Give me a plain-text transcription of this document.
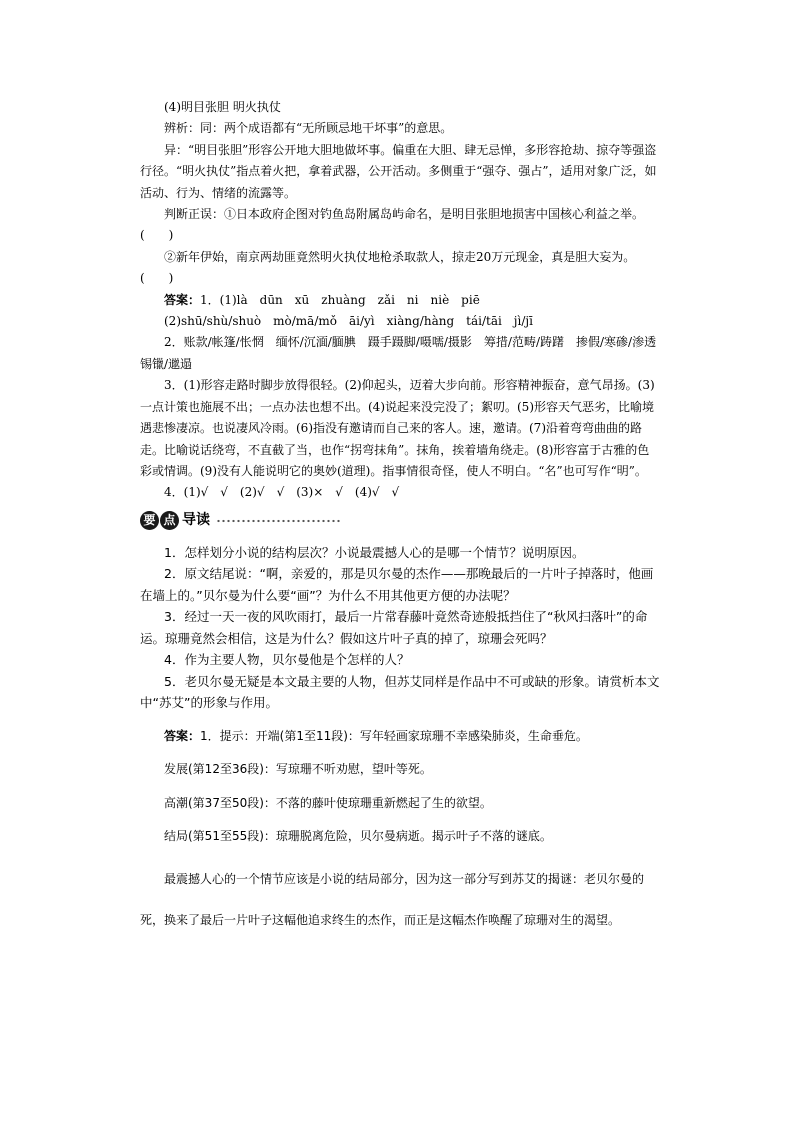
(4)明目张胆 明火执仗

辨析：同：两个成语都有“无所顾忌地干坏事”的意思。

异：“明目张胆”形容公开地大胆地做坏事。偏重在大胆、肆无忌惮，多形容抢劫、掠夺等强盗行径。“明火执仗”指点着火把，拿着武器，公开活动。多侧重于“强夺、强占”，适用对象广泛，如活动、行为、情绪的流露等。

判断正误：①日本政府企图对钓鱼岛附属岛屿命名，是明目张胆地损害中国核心利益之举。(　　)

②新年伊始，南京两劫匪竟然明火执仗地枪杀取款人，掠走20万元现金，真是胆大妄为。(　　)

答案：1．(1)là　dūn　xū　zhuàng　zǎi　ni　niè　piē

(2)shū/shù/shuò　mò/mā/mǒ　āi/yì　xiàng/hàng　tái/tāi　jì/jī

2．账款/帐篷/怅惘　缅怀/沉湎/腼腆　蹑手蹑脚/嗫嚅/摄影　筹措/范畴/踌躇　掺假/寒碜/渗透　锡镴/邋遢

3．(1)形容走路时脚步放得很轻。(2)仰起头，迈着大步向前。形容精神振奋，意气昂扬。(3)一点计策也施展不出；一点办法也想不出。(4)说起来没完没了；絮叨。(5)形容天气恶劣，比喻境遇悲惨凄凉。也说凄风冷雨。(6)指没有邀请而自己来的客人。速，邀请。(7)沿着弯弯曲曲的路走。比喻说话绕弯，不直截了当，也作“拐弯抹角”。抹角，挨着墙角绕走。(8)形容富于古雅的色彩或情调。(9)没有人能说明它的奥妙(道理)。指事情很奇怪，使人不明白。“名”也可写作“明”。

4．(1)√　√　(2)√　√　(3)×　√　(4)√　√

要 点 导读

1．怎样划分小说的结构层次？小说最震撼人心的是哪一个情节？说明原因。

2．原文结尾说：“啊，亲爱的，那是贝尔曼的杰作——那晚最后的一片叶子掉落时，他画在墙上的。”贝尔曼为什么要“画”？为什么不用其他更方便的办法呢？

3．经过一天一夜的风吹雨打，最后一片常春藤叶竟然奇迹般抵挡住了“秋风扫落叶”的命运。琼珊竟然会相信，这是为什么？假如这片叶子真的掉了，琼珊会死吗？

4．作为主要人物，贝尔曼他是个怎样的人？

5．老贝尔曼无疑是本文最主要的人物，但苏艾同样是作品中不可或缺的形象。请赏析本文中“苏艾”的形象与作用。

答案：1．提示：开端(第1至11段)：写年轻画家琼珊不幸感染肺炎，生命垂危。

发展(第12至36段)：写琼珊不听劝慰，望叶等死。

高潮(第37至50段)：不落的藤叶使琼珊重新燃起了生的欲望。

结局(第51至55段)：琼珊脱离危险，贝尔曼病逝。揭示叶子不落的谜底。

最震撼人心的一个情节应该是小说的结局部分，因为这一部分写到苏艾的揭谜：老贝尔曼的死，换来了最后一片叶子这幅他追求终生的杰作，而正是这幅杰作唤醒了琼珊对生的渴望。
